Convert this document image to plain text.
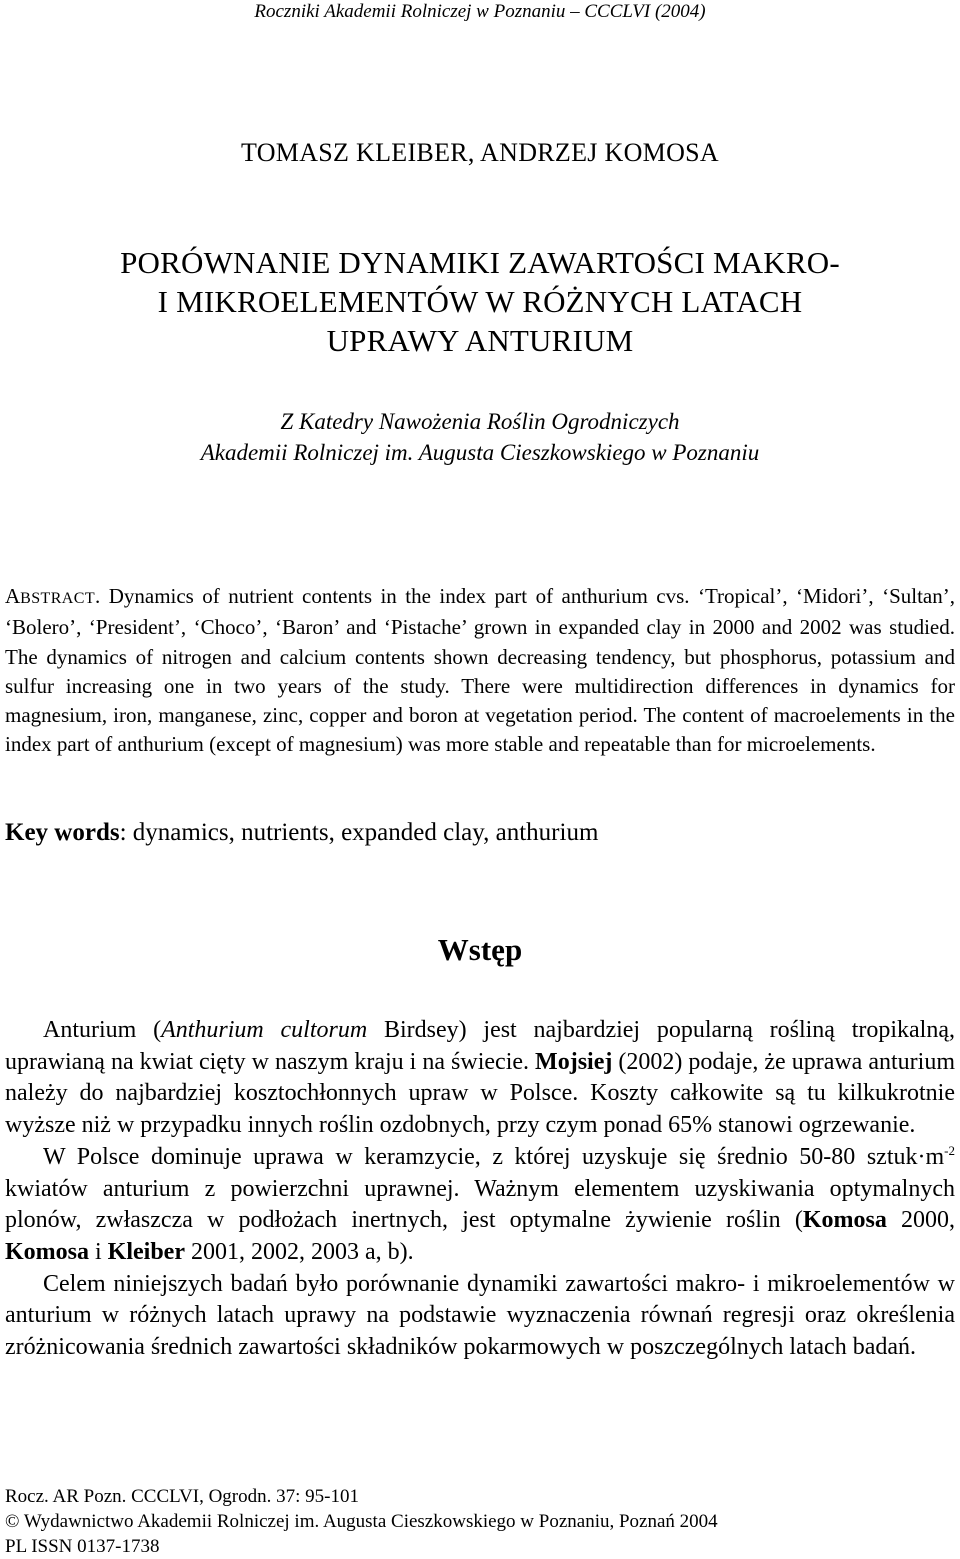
Roczniki Akademii Rolniczej w Poznaniu – CCCLVI (2004)
TOMASZ KLEIBER, ANDRZEJ KOMOSA
PORÓWNANIE DYNAMIKI ZAWARTOŚCI MAKRO-
I MIKROELEMENTÓW W RÓŻNYCH LATACH
UPRAWY ANTURIUM
Z Katedry Nawożenia Roślin Ogrodniczych
Akademii Rolniczej im. Augusta Cieszkowskiego w Poznaniu
ABSTRACT. Dynamics of nutrient contents in the index part of anthurium cvs. ‘Tropical’, ‘Midori’, ‘Sultan’, ‘Bolero’, ‘President’, ‘Choco’, ‘Baron’ and ‘Pistache’ grown in expanded clay in 2000 and 2002 was studied. The dynamics of nitrogen and calcium contents shown decreasing tendency, but phosphorus, potassium and sulfur increasing one in two years of the study. There were multidirection differences in dynamics for magnesium, iron, manganese, zinc, copper and boron at vegetation period. The content of macroelements in the index part of anthurium (except of magnesium) was more stable and repeatable than for microelements.
Key words: dynamics, nutrients, expanded clay, anthurium
Wstęp

Anturium (Anthurium cultorum Birdsey) jest najbardziej popularną rośliną tropikalną, uprawianą na kwiat cięty w naszym kraju i na świecie. Mojsiej (2002) podaje, że uprawa anturium należy do najbardziej kosztochłonnych upraw w Polsce. Koszty całkowite są tu kilkukrotnie wyższe niż w przypadku innych roślin ozdobnych, przy czym ponad 65% stanowi ogrzewanie.

W Polsce dominuje uprawa w keramzycie, z której uzyskuje się średnio 50-80 $sztuk\cdot m^{-2}$ kwiatów anturium z powierzchni uprawnej. Ważnym elementem uzyskiwania optymalnych plonów, zwłaszcza w podłożach inertnych, jest optymalne żywienie roślin (Komosa 2000, Komosa i Kleiber 2001, 2002, 2003 a, b).

Celem niniejszych badań było porównanie dynamiki zawartości makro- i mikroelementów w anturium w różnych latach uprawy na podstawie wyznaczenia równań regresji oraz określenia zróżnicowania średnich zawartości składników pokarmowych w poszczególnych latach badań.

Rocz. AR Pozn. CCCLVI, Ogrodn. 37: 95-101
© Wydawnictwo Akademii Rolniczej im. Augusta Cieszkowskiego w Poznaniu, Poznań 2004
PL ISSN 0137-1738
